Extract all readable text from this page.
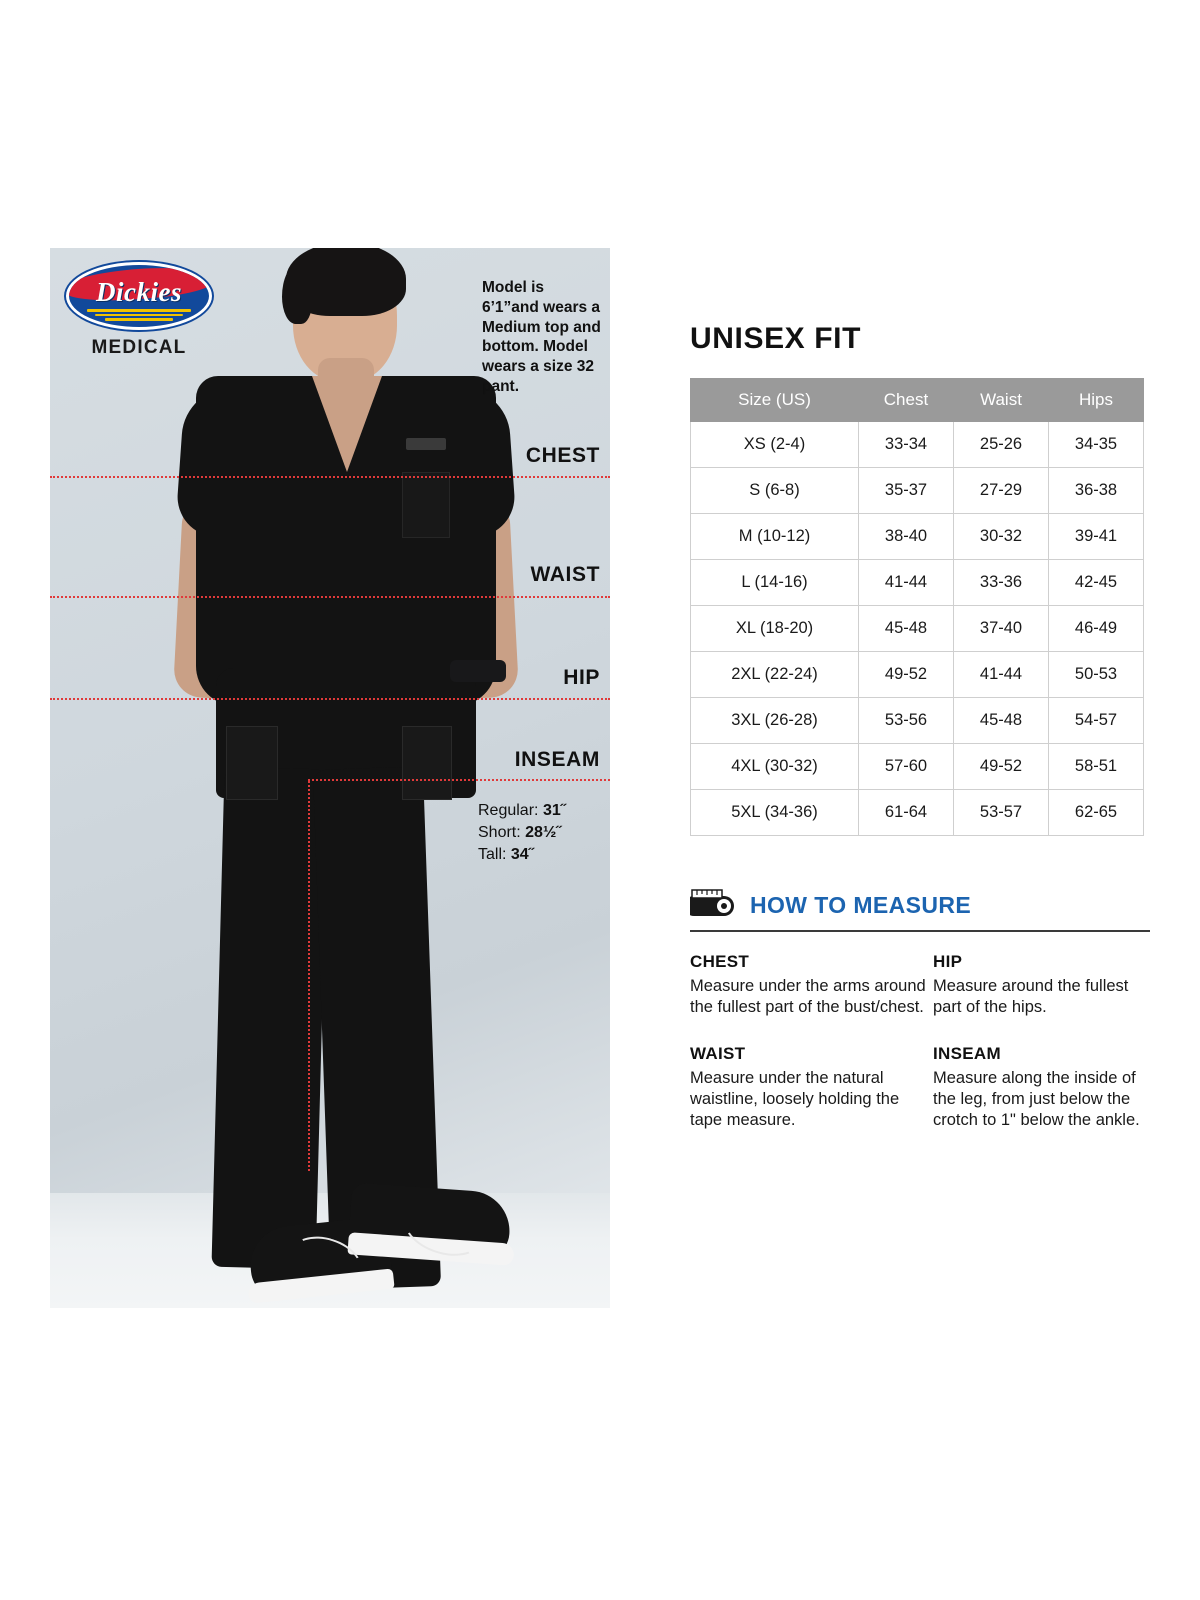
Dickies
®
MEDICAL
Model is 6’1”and wears a Medium top and bottom. Model wears a size 32 pant.
CHEST
WAIST
HIP
INSEAM
Regular: 31˝
Short: 28½˝
Tall: 34˝
UNISEX FIT
Size (US)	Chest	Waist	Hips
XS (2-4)	33-34	25-26	34-35
S (6-8)	35-37	27-29	36-38
M (10-12)	38-40	30-32	39-41
L (14-16)	41-44	33-36	42-45
XL (18-20)	45-48	37-40	46-49
2XL (22-24)	49-52	41-44	50-53
3XL (26-28)	53-56	45-48	54-57
4XL (30-32)	57-60	49-52	58-51
5XL (34-36)	61-64	53-57	62-65
HOW TO MEASURE
CHEST

Measure under the arms around the fullest part of the bust/chest.

HIP

Measure around the fullest part of the hips.

WAIST

Measure under the natural waistline, loosely holding the tape measure.

INSEAM

Measure along the inside of the leg, from just below the crotch to 1" below the ankle.
